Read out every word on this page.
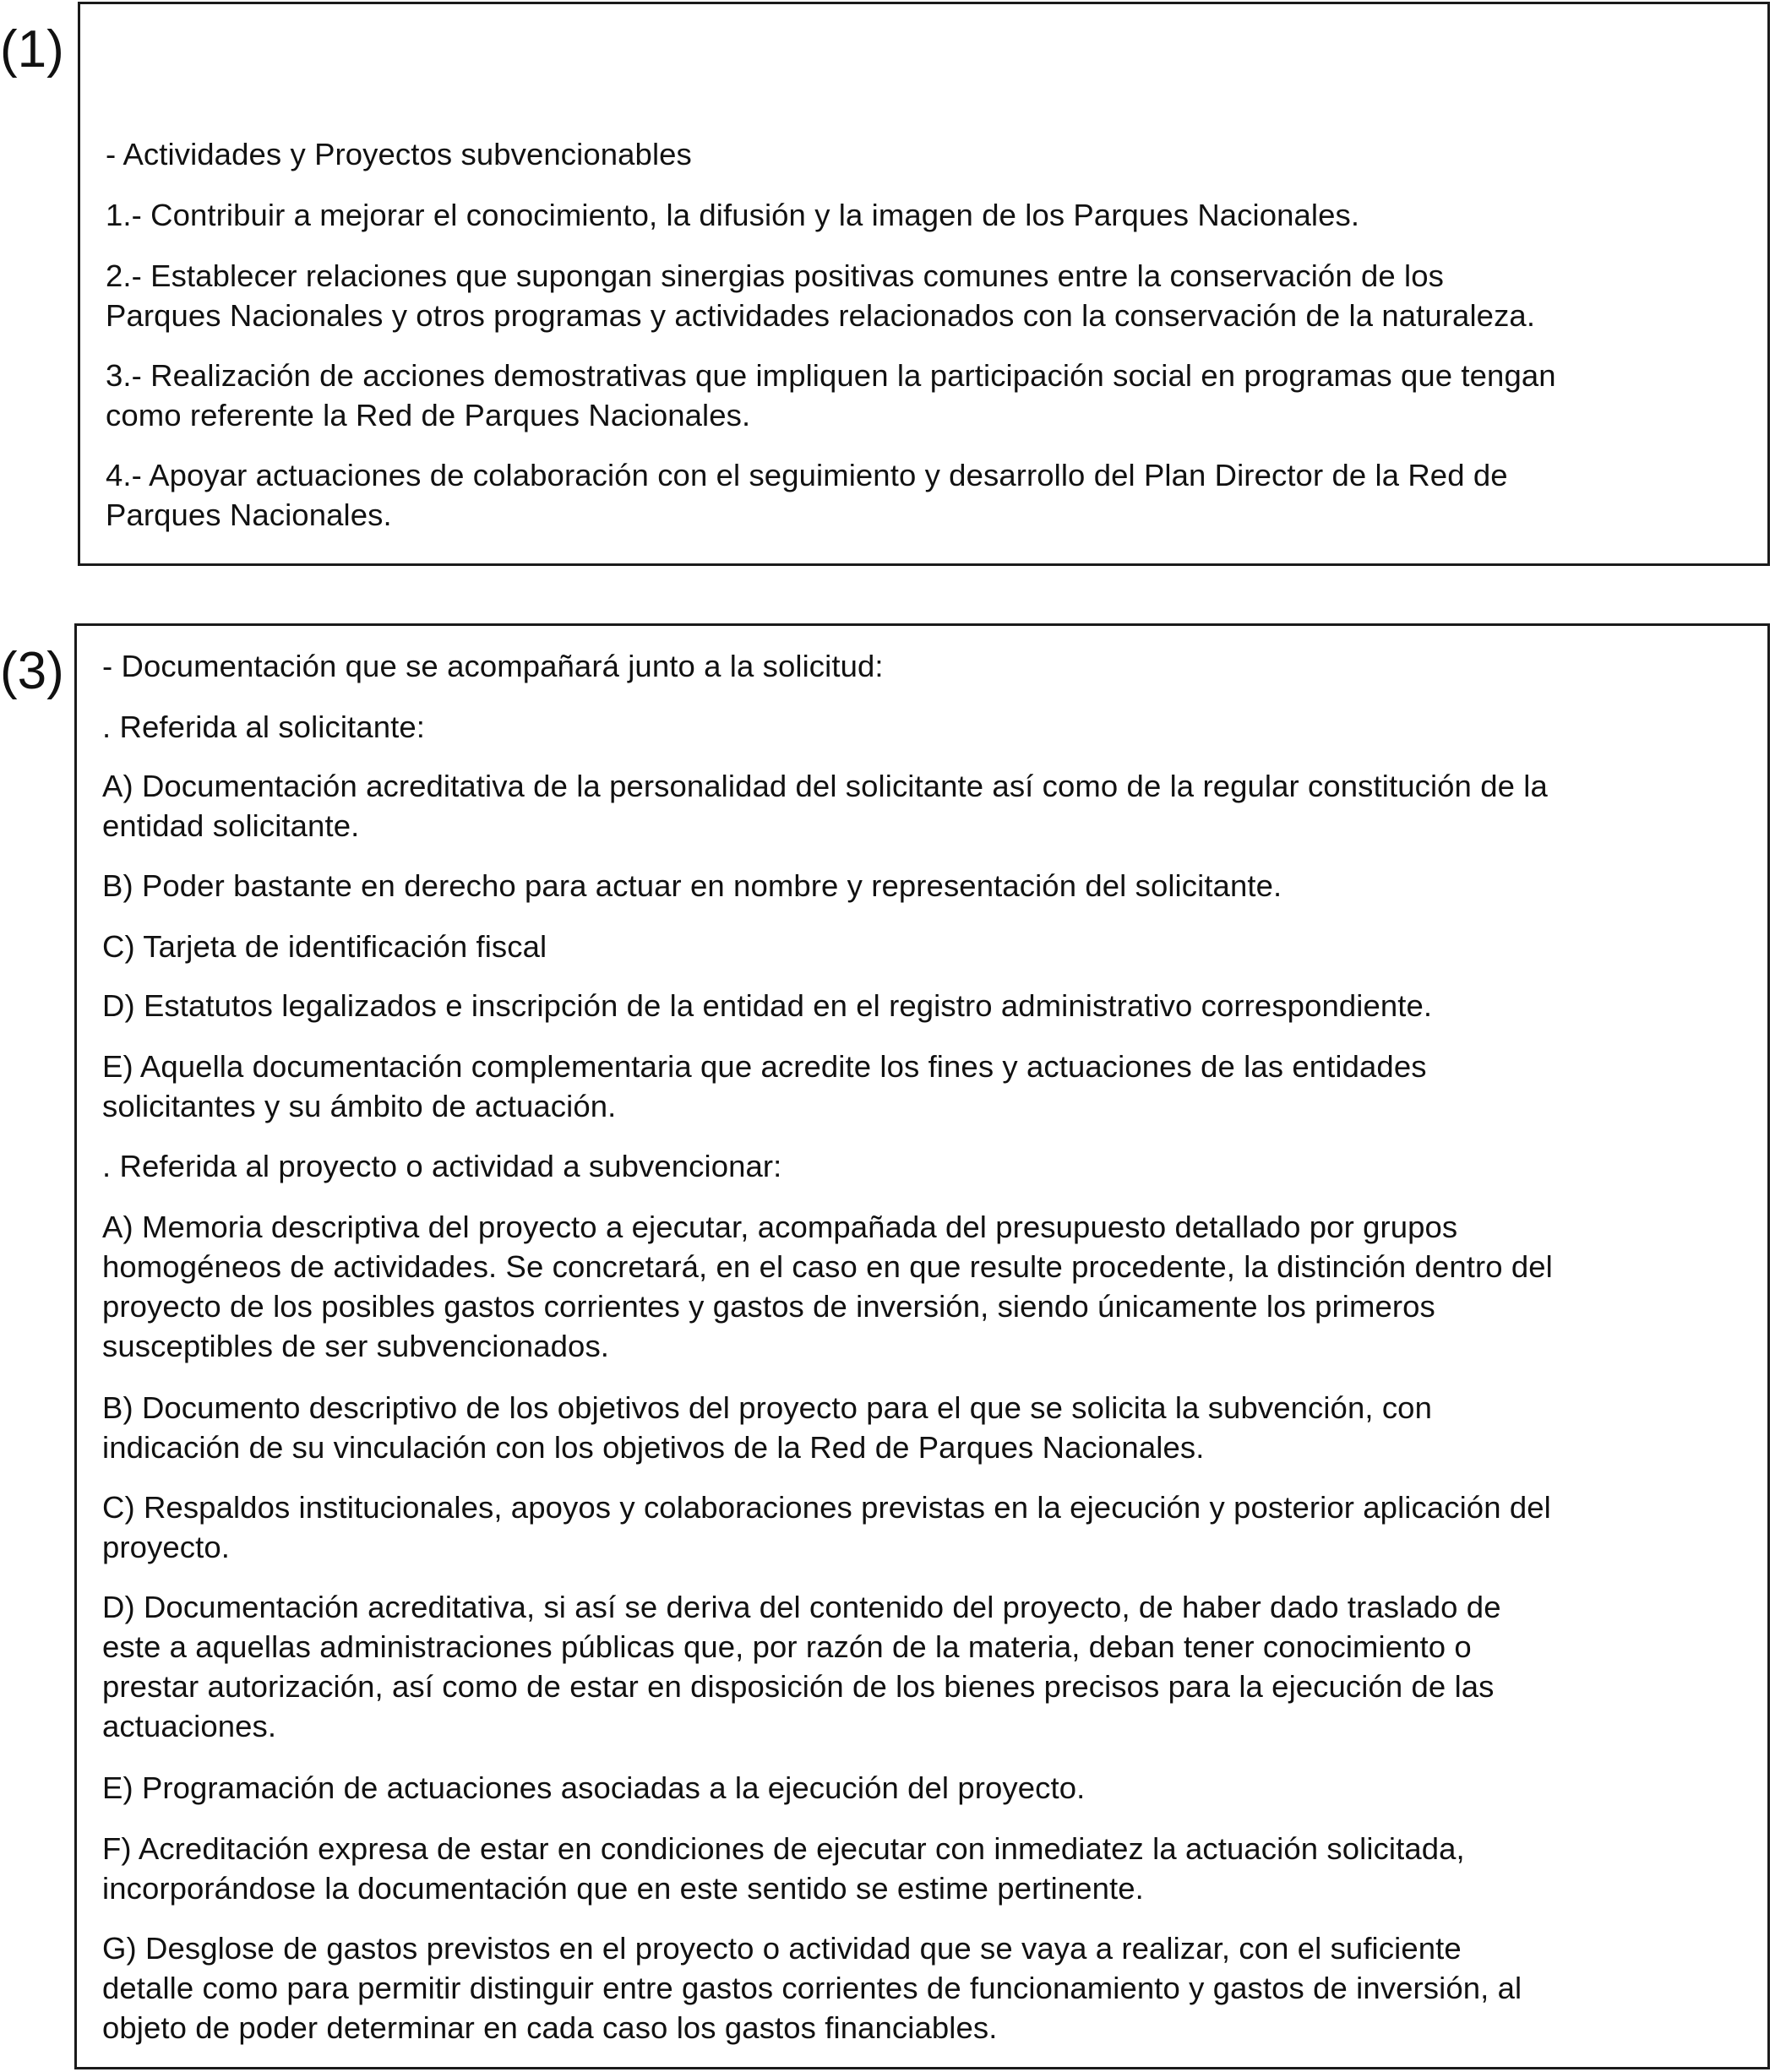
(1)

- Actividades y Proyectos subvencionables

1.- Contribuir a mejorar el conocimiento, la difusión y la imagen de los Parques Nacionales.

2.- Establecer relaciones que supongan sinergias positivas comunes entre la conservación de los
Parques Nacionales y otros programas y actividades relacionados con la conservación de la naturaleza.

3.- Realización de acciones demostrativas que impliquen la participación social en programas que tengan
como referente la Red de Parques Nacionales.

4.- Apoyar actuaciones de colaboración con el seguimiento y desarrollo del Plan Director de la Red de
Parques Nacionales.

(3) - Documentación que se acompañará junto a la solicitud:

. Referida al solicitante:

A) Documentación acreditativa de la personalidad del solicitante así como de la regular constitución de la
entidad solicitante.

B) Poder bastante en derecho para actuar en nombre y representación del solicitante.

C) Tarjeta de identificación fiscal

D) Estatutos legalizados e inscripción de la entidad en el registro administrativo correspondiente.

E) Aquella documentación complementaria que acredite los fines y actuaciones de las entidades
solicitantes y su ámbito de actuación.

. Referida al proyecto o actividad a subvencionar:

A) Memoria descriptiva del proyecto a ejecutar, acompañada del presupuesto detallado por grupos
homogéneos de actividades. Se concretará, en el caso en que resulte procedente, la distinción dentro del
proyecto de los posibles gastos corrientes y gastos de inversión, siendo únicamente los primeros
susceptibles de ser subvencionados.

B) Documento descriptivo de los objetivos del proyecto para el que se solicita la subvención, con
indicación de su vinculación con los objetivos de la Red de Parques Nacionales.

C) Respaldos institucionales, apoyos y colaboraciones previstas en la ejecución y posterior aplicación del
proyecto.

D) Documentación acreditativa, si así se deriva del contenido del proyecto, de haber dado traslado de
este a aquellas administraciones públicas que, por razón de la materia, deban tener conocimiento o
prestar autorización, así como de estar en disposición de los bienes precisos para la ejecución de las
actuaciones.

E) Programación de actuaciones asociadas a la ejecución del proyecto.

F) Acreditación expresa de estar en condiciones de ejecutar con inmediatez la actuación solicitada,
incorporándose la documentación que en este sentido se estime pertinente.

G) Desglose de gastos previstos en el proyecto o actividad que se vaya a realizar, con el suficiente
detalle como para permitir distinguir entre gastos corrientes de funcionamiento y gastos de inversión, al
objeto de poder determinar en cada caso los gastos financiables.
